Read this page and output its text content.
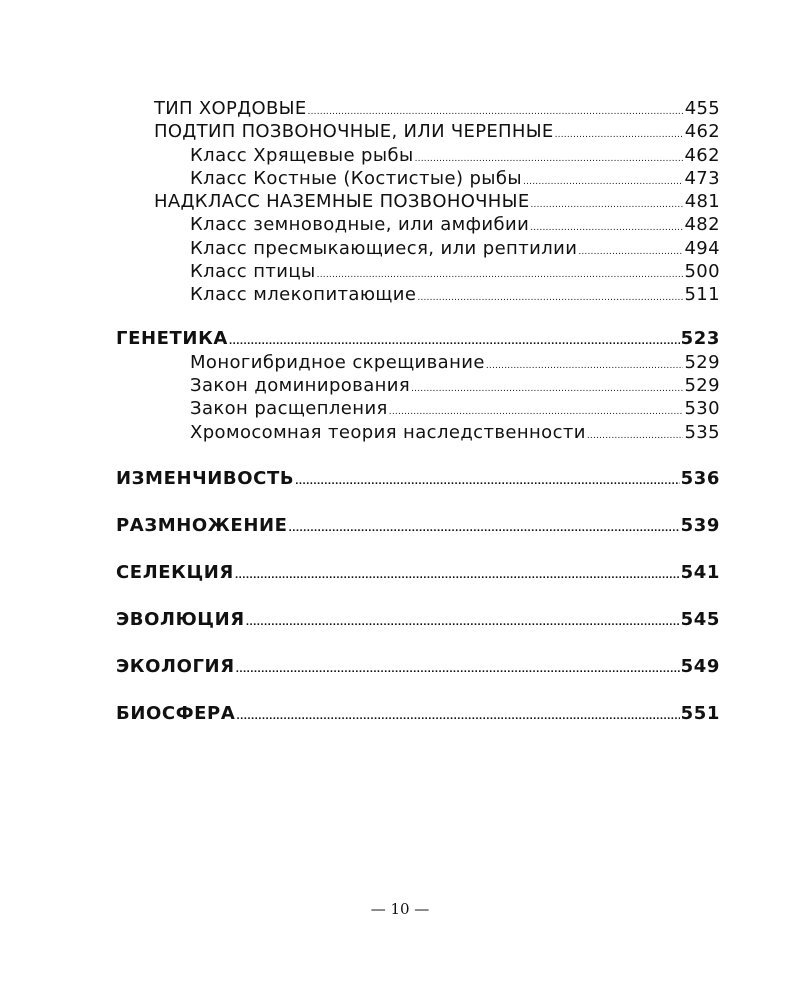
ТИП ХОРДОВЫЕ .....	455
ПОДТИП ПОЗВОНОЧНЫЕ, ИЛИ ЧЕРЕПНЫЕ .....	462
Класс Хрящевые рыбы .....	462
Класс Костные (Костистые) рыбы .....	473
НАДКЛАСС НАЗЕМНЫЕ ПОЗВОНОЧНЫЕ .....	481
Класс земноводные, или амфибии .....	482
Класс пресмыкающиеся, или рептилии .....	494
Класс птицы .....	500
Класс млекопитающие .....	511
ГЕНЕТИКА .....	523
Моногибридное скрещивание .....	529
Закон доминирования .....	529
Закон расщепления .....	530
Хромосомная теория наследственности .....	535
ИЗМЕНЧИВОСТЬ .....	536
РАЗМНОЖЕНИЕ .....	539
СЕЛЕКЦИЯ .....	541
ЭВОЛЮЦИЯ .....	545
ЭКОЛОГИЯ .....	549
БИОСФЕРА .....	551
— 10 —
